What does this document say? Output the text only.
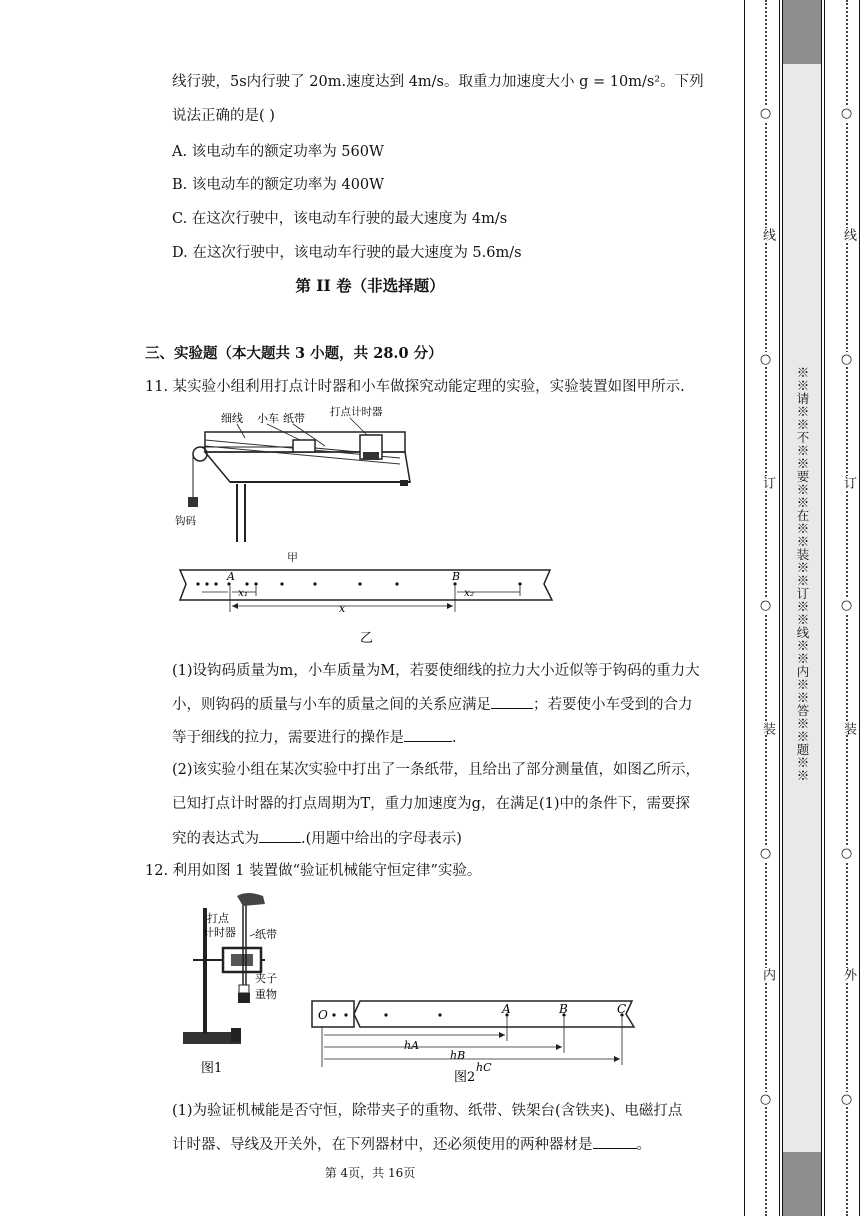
线行驶，5s内行驶了 20m.速度达到 4m/s。取重力加速度大小 g = 10m/s²。下列
说法正确的是( )
A. 该电动车的额定功率为 560W
B. 该电动车的额定功率为 400W
C. 在这次行驶中，该电动车行驶的最大速度为 4m/s
D. 在这次行驶中，该电动车行驶的最大速度为 5.6m/s
第 II 卷（非选择题）
三、实验题（本大题共 3 小题，共 28.0 分）
11. 某实验小组利用打点计时器和小车做探究动能定理的实验，实验装置如图甲所示.
细线 小车 纸带 打点计时器
钩码
甲
A	B
x₁	x₂
x
乙
(1)设钩码质量为m，小车质量为M，若要使细线的拉力大小近似等于钩码的重力大
小，则钩码的质量与小车的质量之间的关系应满足	；若要使小车受到的合力
等于细线的拉力，需要进行的操作是	.
(2)该实验小组在某次实验中打出了一条纸带，且给出了部分测量值，如图乙所示，
已知打点计时器的打点周期为T，重力加速度为g，在满足(1)中的条件下，需要探
究的表达式为	.(用题中给出的字母表示)
12. 利用如图 1 装置做“验证机械能守恒定律”实验。
打点
计时器 纸带
夹子
重物
图1
O	A	B	C
hA
hB
hC
图2
(1)为验证机械能是否守恒，除带夹子的重物、纸带、铁架台(含铁夹)、电磁打点
计时器、导线及开关外，在下列器材中，还必须使用的两种器材是	。
第 4页，共 16页
○
线
○
订
○
装
○
内
○
○
线
○
订
○
装
○
外
○
※※请※※不※※要※※在※※装※※订※※线※※内※※答※※题※※
